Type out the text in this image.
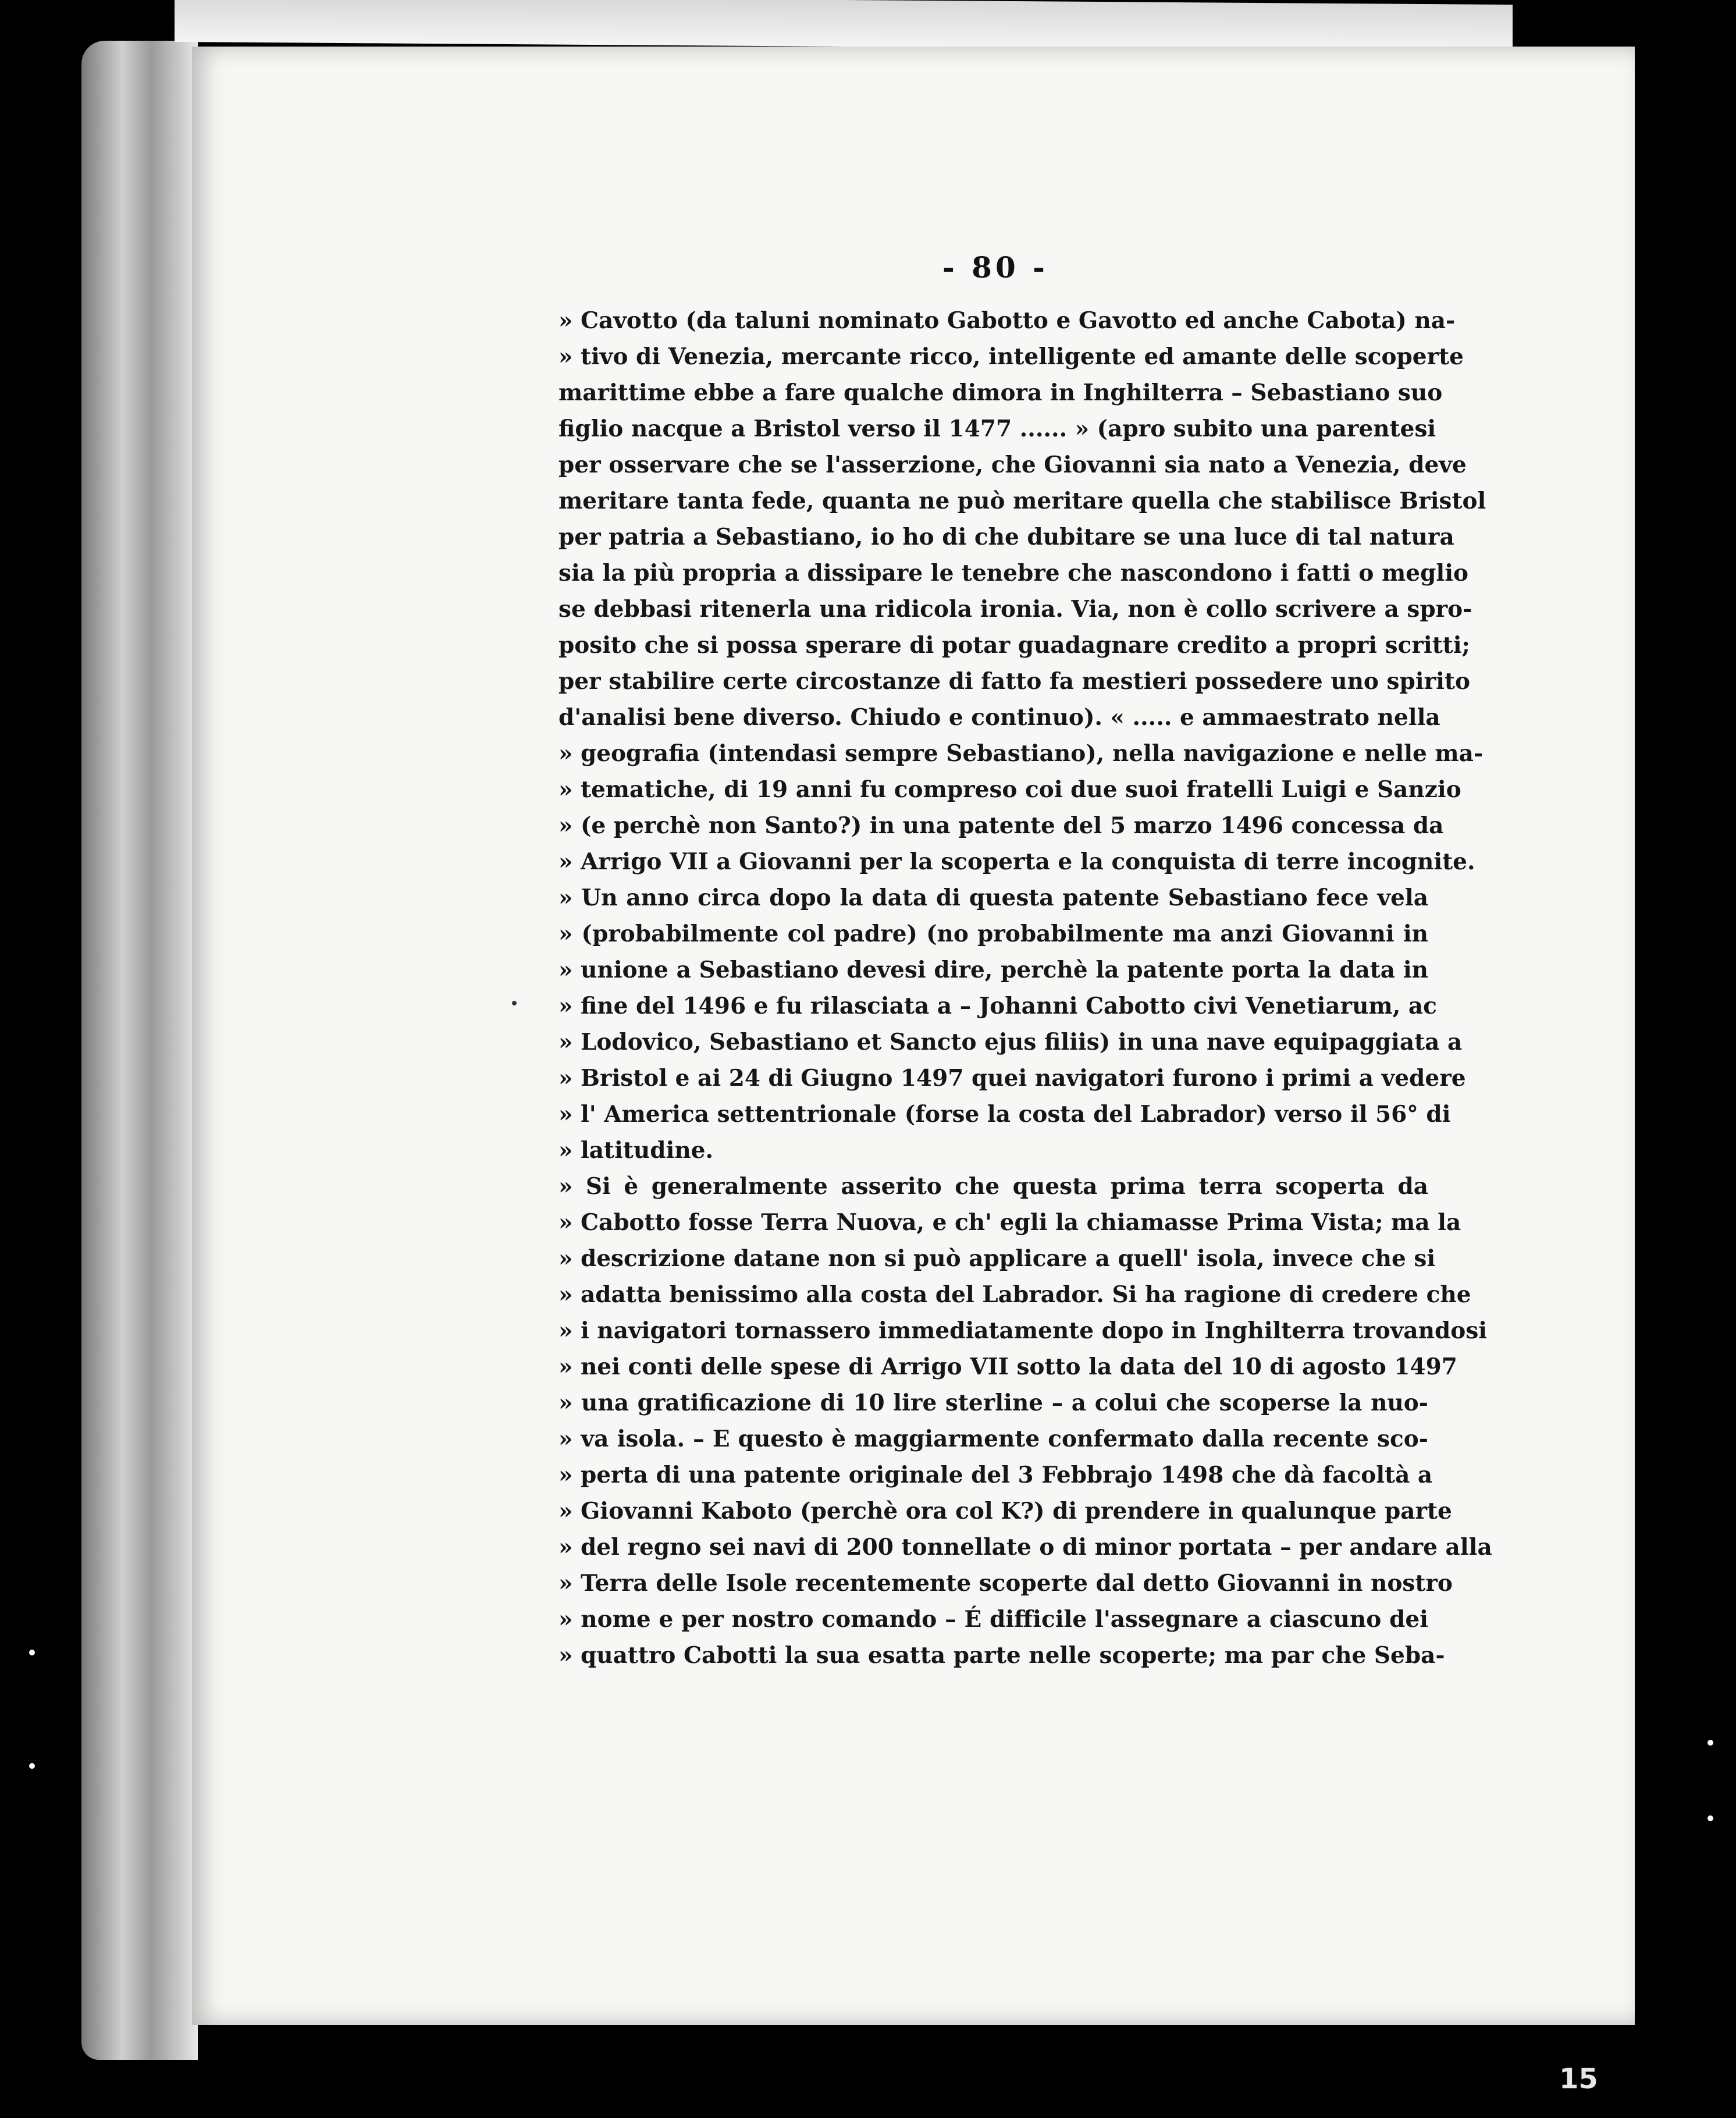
- 80 -
» Cavotto (da taluni nominato Gabotto e Gavotto ed anche Cabota) na-
» tivo di Venezia, mercante ricco, intelligente ed amante delle scoperte
marittime ebbe a fare qualche dimora in Inghilterra – Sebastiano suo
figlio nacque a Bristol verso il 1477 ...... » (apro subito una parentesi
per osservare che se l'asserzione, che Giovanni sia nato a Venezia, deve
meritare tanta fede, quanta ne può meritare quella che stabilisce Bristol
per patria a Sebastiano, io ho di che dubitare se una luce di tal natura
sia la più propria a dissipare le tenebre che nascondono i fatti o meglio
se debbasi ritenerla una ridicola ironia. Via, non è collo scrivere a spro-
posito che si possa sperare di potar guadagnare credito a propri scritti;
per stabilire certe circostanze di fatto fa mestieri possedere uno spirito
d'analisi bene diverso. Chiudo e continuo). « ..... e ammaestrato nella
» geografia (intendasi sempre Sebastiano), nella navigazione e nelle ma-
» tematiche, di 19 anni fu compreso coi due suoi fratelli Luigi e Sanzio
» (e perchè non Santo?) in una patente del 5 marzo 1496 concessa da
» Arrigo VII a Giovanni per la scoperta e la conquista di terre incognite.
» Un anno circa dopo la data di questa patente Sebastiano fece vela
» (probabilmente col padre) (no probabilmente ma anzi Giovanni in
» unione a Sebastiano devesi dire, perchè la patente porta la data in
» fine del 1496 e fu rilasciata a – Johanni Cabotto civi Venetiarum, ac
» Lodovico, Sebastiano et Sancto ejus filiis) in una nave equipaggiata a
» Bristol e ai 24 di Giugno 1497 quei navigatori furono i primi a vedere
» l' America settentrionale (forse la costa del Labrador) verso il 56° di
» latitudine.
» Si è generalmente asserito che questa prima terra scoperta da
» Cabotto fosse Terra Nuova, e ch' egli la chiamasse Prima Vista; ma la
» descrizione datane non si può applicare a quell' isola, invece che si
» adatta benissimo alla costa del Labrador. Si ha ragione di credere che
» i navigatori tornassero immediatamente dopo in Inghilterra trovandosi
» nei conti delle spese di Arrigo VII sotto la data del 10 di agosto 1497
» una gratificazione di 10 lire sterline – a colui che scoperse la nuo-
» va isola. – E questo è maggiarmente confermato dalla recente sco-
» perta di una patente originale del 3 Febbrajo 1498 che dà facoltà a
» Giovanni Kaboto (perchè ora col K?) di prendere in qualunque parte
» del regno sei navi di 200 tonnellate o di minor portata – per andare alla
» Terra delle Isole recentemente scoperte dal detto Giovanni in nostro
» nome e per nostro comando – É difficile l'assegnare a ciascuno dei
» quattro Cabotti la sua esatta parte nelle scoperte; ma par che Seba-
15
